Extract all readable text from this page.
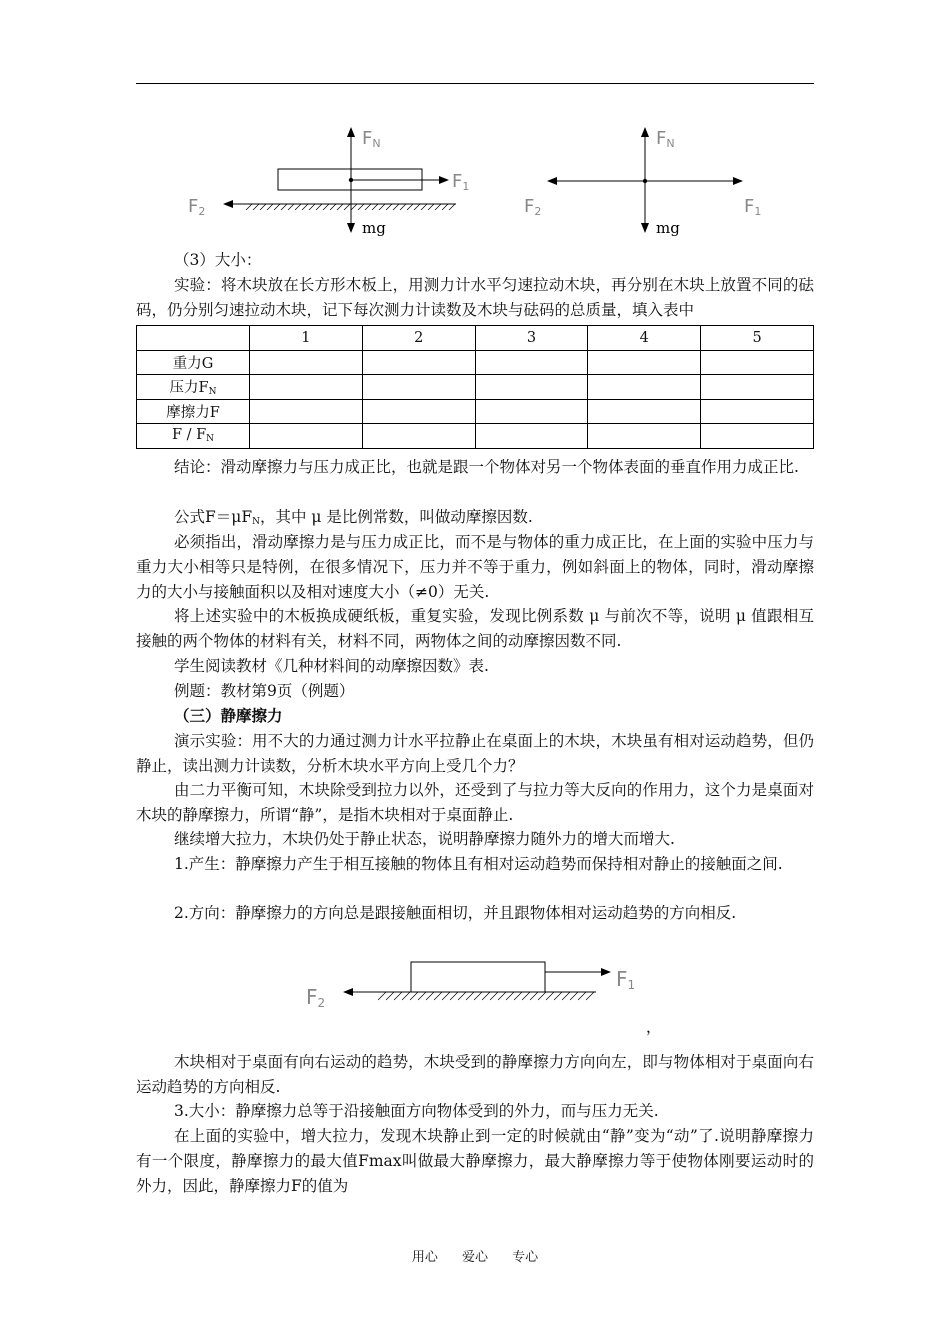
FN
F1
F2
mg
FN
F1
F2
mg

（3）大小：

实验：将木块放在长方形木板上，用测力计水平匀速拉动木块，再分别在木块上放置不同的砝码，仍分别匀速拉动木块，记下每次测力计读数及木块与砝码的总质量，填入表中

	1	2	3	4	5
重力G					
压力$F_N$					
摩擦力F					
F / $F_N$					

结论：滑动摩擦力与压力成正比，也就是跟一个物体对另一个物体表面的垂直作用力成正比.

公式$F=\mu F_N$，其中 μ 是比例常数，叫做动摩擦因数.

必须指出，滑动摩擦力是与压力成正比，而不是与物体的重力成正比，在上面的实验中压力与重力大小相等只是特例，在很多情况下，压力并不等于重力，例如斜面上的物体，同时，滑动摩擦力的大小与接触面积以及相对速度大小（≠0）无关.

将上述实验中的木板换成硬纸板，重复实验，发现比例系数 μ 与前次不等，说明 μ 值跟相互接触的两个物体的材料有关，材料不同，两物体之间的动摩擦因数不同.

学生阅读教材《几种材料间的动摩擦因数》表.

例题：教材第9页（例题）

（三）静摩擦力

演示实验：用不大的力通过测力计水平拉静止在桌面上的木块，木块虽有相对运动趋势，但仍静止，读出测力计读数，分析木块水平方向上受几个力？

由二力平衡可知，木块除受到拉力以外，还受到了与拉力等大反向的作用力，这个力是桌面对木块的静摩擦力，所谓“静”，是指木块相对于桌面静止.

继续增大拉力，木块仍处于静止状态，说明静摩擦力随外力的增大而增大.

1.产生：静摩擦力产生于相互接触的物体且有相对运动趋势而保持相对静止的接触面之间.

2.方向：静摩擦力的方向总是跟接触面相切，并且跟物体相对运动趋势的方向相反.

F1
F2
，

木块相对于桌面有向右运动的趋势，木块受到的静摩擦力方向向左，即与物体相对于桌面向右运动趋势的方向相反.

3.大小：静摩擦力总等于沿接触面方向物体受到的外力，而与压力无关.

在上面的实验中，增大拉力，发现木块静止到一定的时候就由“静”变为“动”了.说明静摩擦力有一个限度，静摩擦力的最大值Fmax叫做最大静摩擦力，最大静摩擦力等于使物体刚要运动时的外力，因此，静摩擦力F的值为

用心 爱心 专心
